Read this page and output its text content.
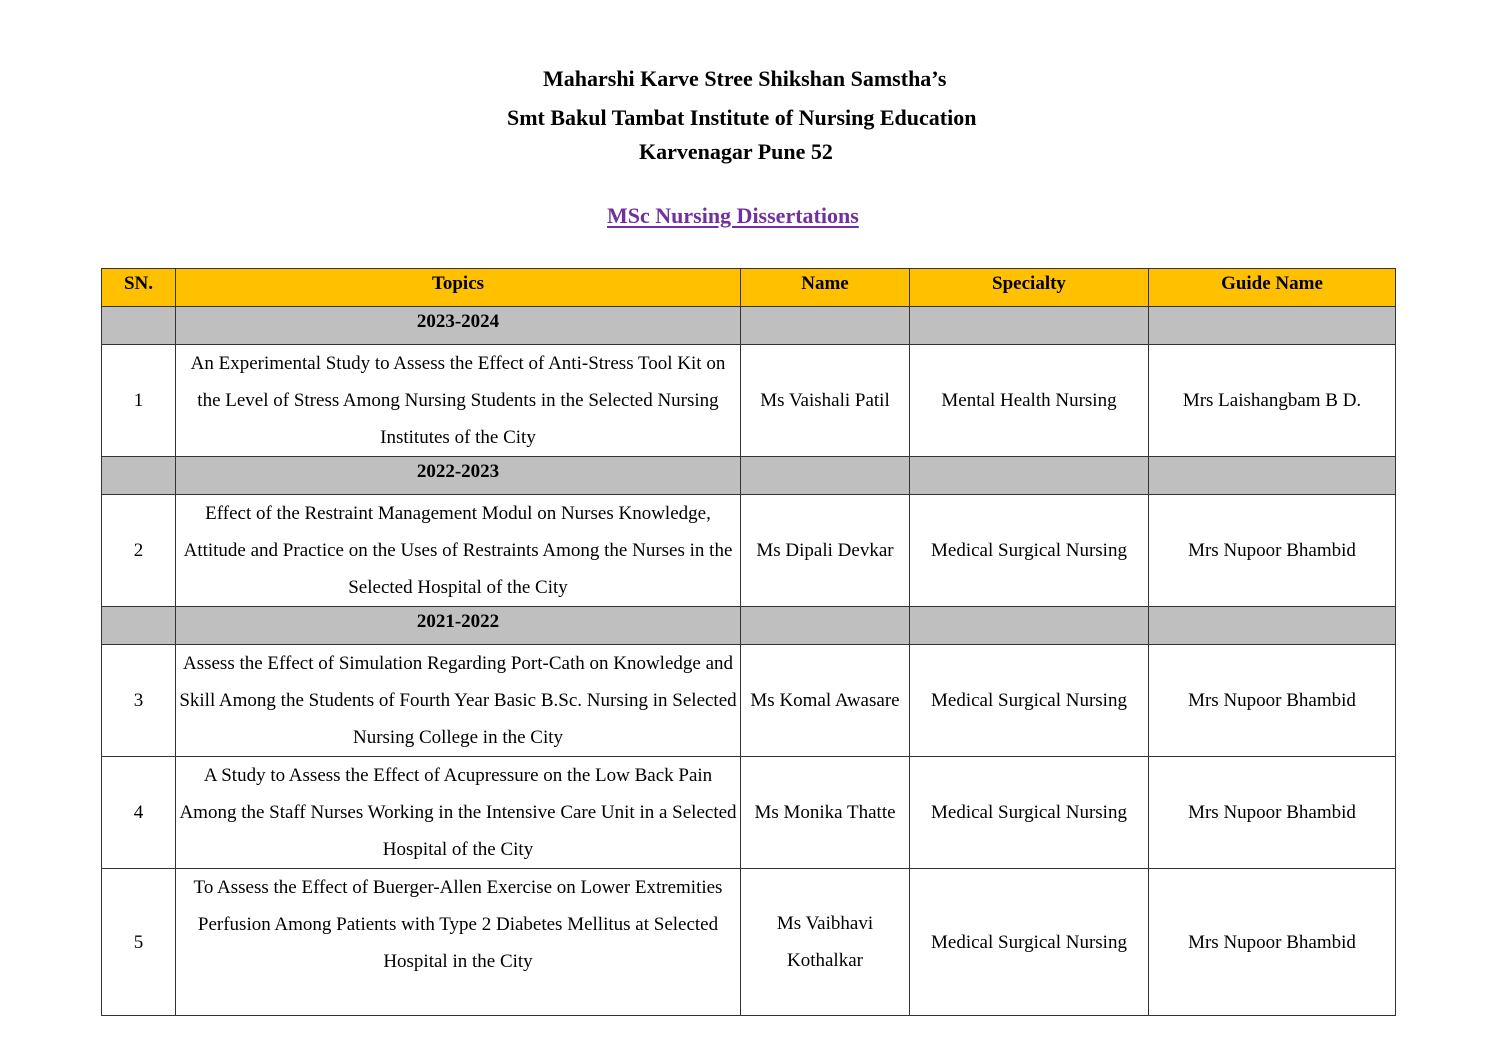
Maharshi Karve Stree Shikshan Samstha’s
Smt Bakul Tambat Institute of Nursing Education
Karvenagar Pune 52
MSc Nursing Dissertations
SN.	Topics	Name	Specialty	Guide Name
	2023-2024			
1	An Experimental Study to Assess the Effect of Anti-Stress Tool Kit on the Level of Stress Among Nursing Students in the Selected Nursing Institutes of the City	Ms Vaishali Patil	Mental Health Nursing	Mrs Laishangbam B D.
	2022-2023			
2	Effect of the Restraint Management Modul on Nurses Knowledge, Attitude and Practice on the Uses of Restraints Among the Nurses in the Selected Hospital of the City	Ms Dipali Devkar	Medical Surgical Nursing	Mrs Nupoor Bhambid
	2021-2022			
3	Assess the Effect of Simulation Regarding Port-Cath on Knowledge and Skill Among the Students of Fourth Year Basic B.Sc. Nursing in Selected Nursing College in the City	Ms Komal Awasare	Medical Surgical Nursing	Mrs Nupoor Bhambid
4	A Study to Assess the Effect of Acupressure on the Low Back Pain Among the Staff Nurses Working in the Intensive Care Unit in a Selected Hospital of the City	Ms Monika Thatte	Medical Surgical Nursing	Mrs Nupoor Bhambid
5	To Assess the Effect of Buerger-Allen Exercise on Lower Extremities Perfusion Among Patients with Type 2 Diabetes Mellitus at Selected Hospital in the City	Ms Vaibhavi Kothalkar	Medical Surgical Nursing	Mrs Nupoor Bhambid
